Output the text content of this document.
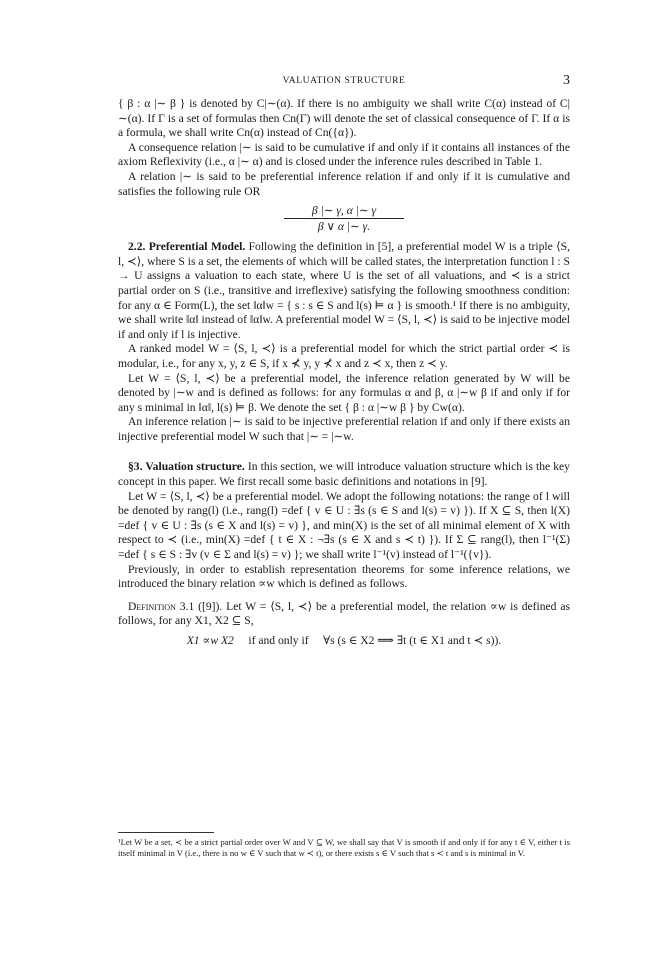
VALUATION STRUCTURE	3

{ β : α |∼ β } is denoted by C|∼(α). If there is no ambiguity we shall write C(α) instead of C|∼(α). If Γ is a set of formulas then Cn(Γ) will denote the set of classical consequence of Γ. If α is a formula, we shall write Cn(α) instead of Cn({α}).

A consequence relation |∼ is said to be cumulative if and only if it contains all instances of the axiom Reflexivity (i.e., α |∼ α) and is closed under the inference rules described in Table 1.

A relation |∼ is said to be preferential inference relation if and only if it is cumulative and satisfies the following rule OR

β |∼ γ, α |∼ γ
β ∨ α |∼ γ.

2.2. Preferential Model. Following the definition in [5], a preferential model W is a triple ⟨S, l, ≺⟩, where S is a set, the elements of which will be called states, the interpretation function l : S → U assigns a valuation to each state, where U is the set of all valuations, and ≺ is a strict partial order on S (i.e., transitive and irreflexive) satisfying the following smoothness condition: for any α ∈ Form(L), the set ‖α‖w = { s : s ∈ S and l(s) ⊨ α } is smooth.¹ If there is no ambiguity, we shall write ‖α‖ instead of ‖α‖w. A preferential model W = ⟨S, l, ≺⟩ is said to be injective model if and only if l is injective.

A ranked model W = ⟨S, l, ≺⟩ is a preferential model for which the strict partial order ≺ is modular, i.e., for any x, y, z ∈ S, if x ⊀ y, y ⊀ x and z ≺ x, then z ≺ y.

Let W = ⟨S, l, ≺⟩ be a preferential model, the inference relation generated by W will be denoted by |∼w and is defined as follows: for any formulas α and β, α |∼w β if and only if for any s minimal in ‖α‖, l(s) ⊨ β. We denote the set { β : α |∼w β } by Cw(α).

An inference relation |∼ is said to be injective preferential relation if and only if there exists an injective preferential model W such that |∼ = |∼w.

§3. Valuation structure. In this section, we will introduce valuation structure which is the key concept in this paper. We first recall some basic definitions and notations in [9].

Let W = ⟨S, l, ≺⟩ be a preferential model. We adopt the following notations: the range of l will be denoted by rang(l) (i.e., rang(l) =def { v ∈ U : ∃s (s ∈ S and l(s) = v) }). If X ⊆ S, then l(X) =def { v ∈ U : ∃s (s ∈ X and l(s) = v) }, and min(X) is the set of all minimal element of X with respect to ≺ (i.e., min(X) =def { t ∈ X : ¬∃s (s ∈ X and s ≺ t) }). If Σ ⊆ rang(l), then l⁻¹(Σ) =def { s ∈ S : ∃v (v ∈ Σ and l(s) = v) }; we shall write l⁻¹(v) instead of l⁻¹({v}).

Previously, in order to establish representation theorems for some inference relations, we introduced the binary relation ∝w which is defined as follows.

Definition 3.1 ([9]). Let W = ⟨S, l, ≺⟩ be a preferential model, the relation ∝w is defined as follows, for any X1, X2 ⊆ S,

X1 ∝w X2 if and only if ∀s (s ∈ X2 ⟹ ∃t (t ∈ X1 and t ≺ s)).
¹Let W be a set, ≺ be a strict partial order over W and V ⊆ W, we shall say that V is smooth if and only if for any t ∈ V, either t is itself minimal in V (i.e., there is no w ∈ V such that w ≺ t), or there exists s ∈ V such that s ≺ t and s is minimal in V.
